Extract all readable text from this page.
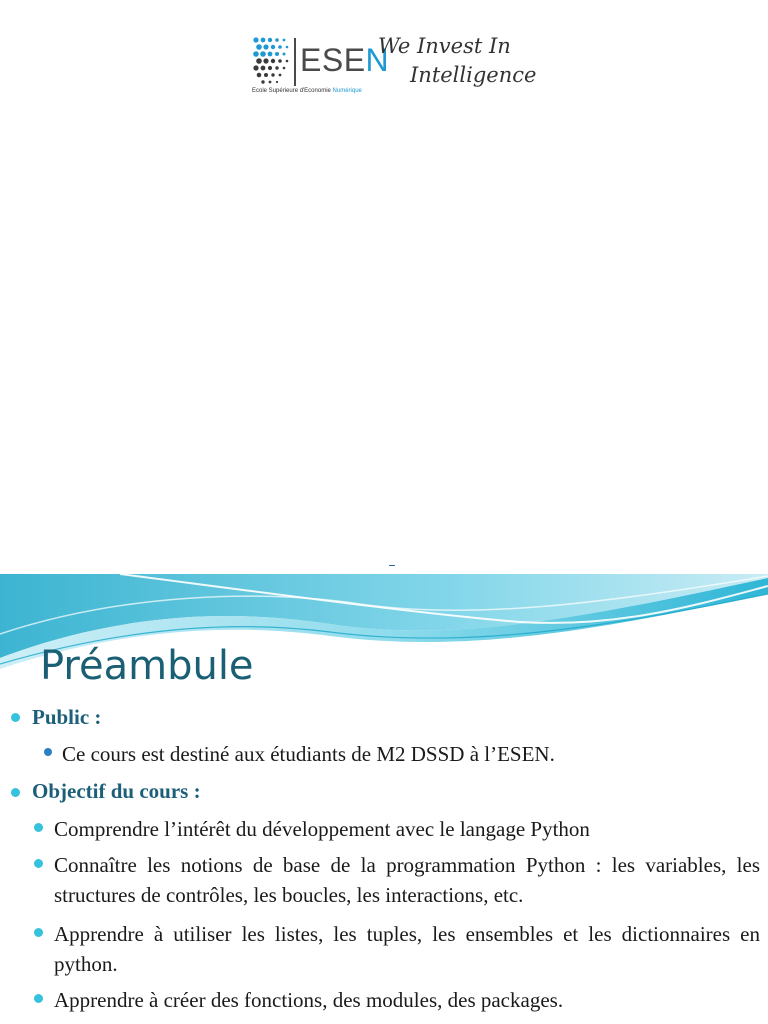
ESEN
Ecole Supérieure d'Economie Numérique
We Invest In
Intelligence
Préambule
Public :
Ce cours est destiné aux étudiants de M2 DSSD à l’ESEN.
Objectif du cours :
Comprendre l’intérêt du développement avec le langage Python
Connaître les notions de base de la programmation Python : les variables, les structures de contrôles, les boucles, les interactions, etc.
Apprendre à utiliser les listes, les tuples, les ensembles et les dictionnaires en python.
Apprendre à créer des fonctions, des modules, des packages.
